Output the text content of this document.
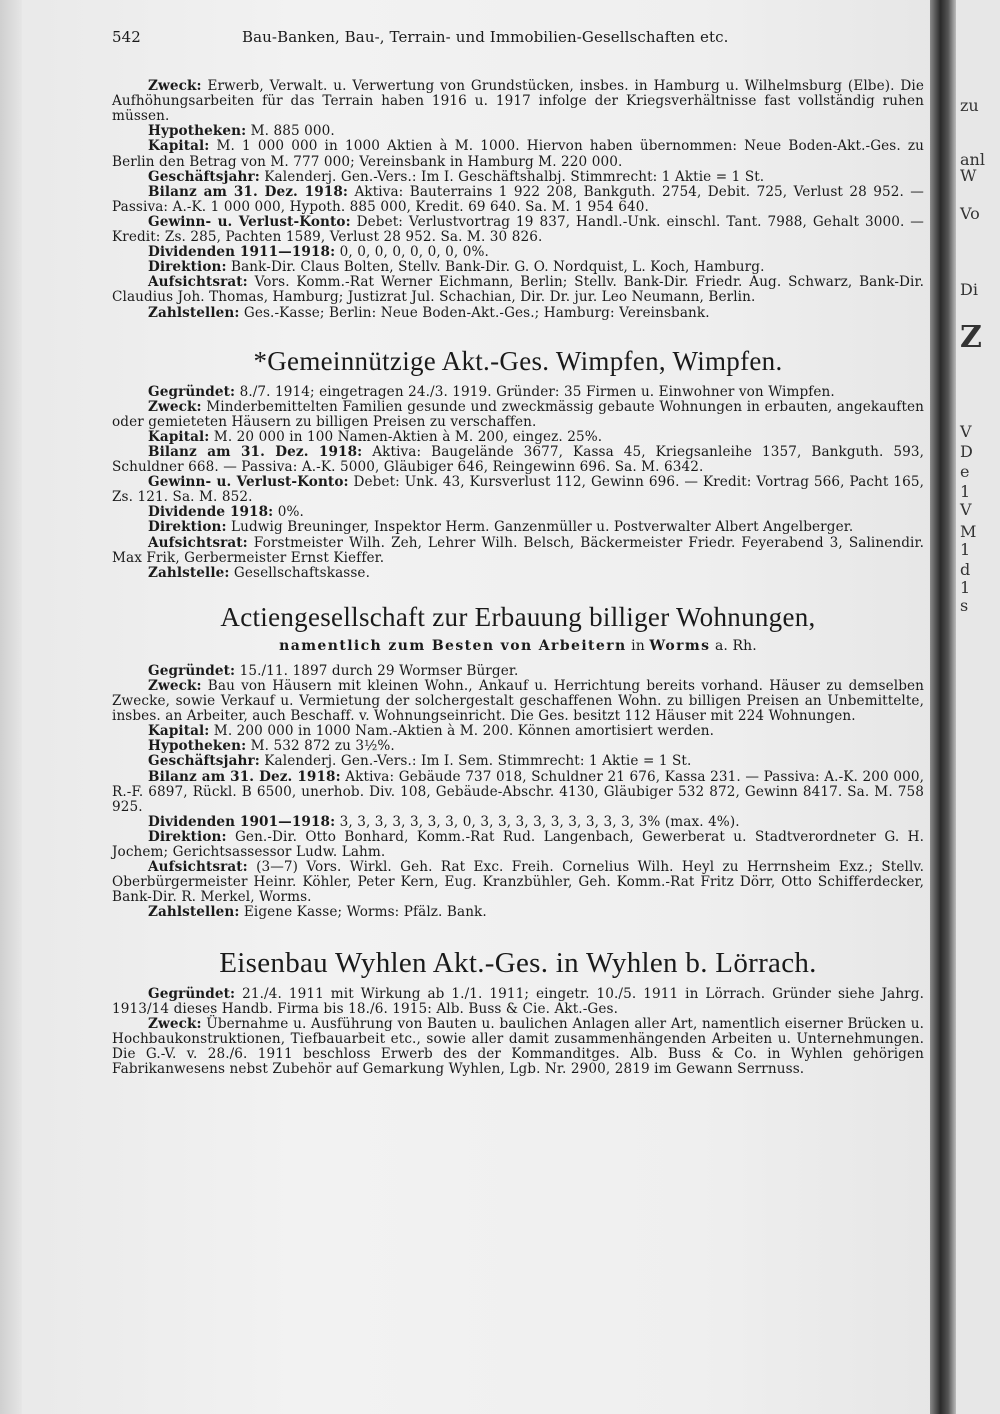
542	Bau-Banken, Bau-, Terrain- und Immobilien-Gesellschaften etc.

Zweck: Erwerb, Verwalt. u. Verwertung von Grundstücken, insbes. in Hamburg u. Wilhelmsburg (Elbe). Die Aufhöhungsarbeiten für das Terrain haben 1916 u. 1917 infolge der Kriegsverhältnisse fast vollständig ruhen müssen.

Hypotheken: M. 885 000.

Kapital: M. 1 000 000 in 1000 Aktien à M. 1000. Hiervon haben übernommen: Neue Boden-Akt.-Ges. zu Berlin den Betrag von M. 777 000; Vereinsbank in Hamburg M. 220 000.

Geschäftsjahr: Kalenderj. Gen.-Vers.: Im I. Geschäftshalbj. Stimmrecht: 1 Aktie = 1 St.

Bilanz am 31. Dez. 1918: Aktiva: Bauterrains 1 922 208, Bankguth. 2754, Debit. 725, Verlust 28 952. — Passiva: A.-K. 1 000 000, Hypoth. 885 000, Kredit. 69 640. Sa. M. 1 954 640.

Gewinn- u. Verlust-Konto: Debet: Verlustvortrag 19 837, Handl.-Unk. einschl. Tant. 7988, Gehalt 3000. — Kredit: Zs. 285, Pachten 1589, Verlust 28 952. Sa. M. 30 826.

Dividenden 1911—1918: 0, 0, 0, 0, 0, 0, 0, 0%.

Direktion: Bank-Dir. Claus Bolten, Stellv. Bank-Dir. G. O. Nordquist, L. Koch, Hamburg.

Aufsichtsrat: Vors. Komm.-Rat Werner Eichmann, Berlin; Stellv. Bank-Dir. Friedr. Aug. Schwarz, Bank-Dir. Claudius Joh. Thomas, Hamburg; Justizrat Jul. Schachian, Dir. Dr. jur. Leo Neumann, Berlin.

Zahlstellen: Ges.-Kasse; Berlin: Neue Boden-Akt.-Ges.; Hamburg: Vereinsbank.

*Gemeinnützige Akt.-Ges. Wimpfen, Wimpfen.

Gegründet: 8./7. 1914; eingetragen 24./3. 1919. Gründer: 35 Firmen u. Einwohner von Wimpfen.

Zweck: Minderbemittelten Familien gesunde und zweckmässig gebaute Wohnungen in erbauten, angekauften oder gemieteten Häusern zu billigen Preisen zu verschaffen.

Kapital: M. 20 000 in 100 Namen-Aktien à M. 200, eingez. 25%.

Bilanz am 31. Dez. 1918: Aktiva: Baugelände 3677, Kassa 45, Kriegsanleihe 1357, Bankguth. 593, Schuldner 668. — Passiva: A.-K. 5000, Gläubiger 646, Reingewinn 696. Sa. M. 6342.

Gewinn- u. Verlust-Konto: Debet: Unk. 43, Kursverlust 112, Gewinn 696. — Kredit: Vortrag 566, Pacht 165, Zs. 121. Sa. M. 852.

Dividende 1918: 0%.

Direktion: Ludwig Breuninger, Inspektor Herm. Ganzenmüller u. Postverwalter Albert Angelberger.

Aufsichtsrat: Forstmeister Wilh. Zeh, Lehrer Wilh. Belsch, Bäckermeister Friedr. Feyerabend 3, Salinendir. Max Frik, Gerbermeister Ernst Kieffer.

Zahlstelle: Gesellschaftskasse.

Actiengesellschaft zur Erbauung billiger Wohnungen,
namentlich zum Besten von Arbeitern in Worms a. Rh.

Gegründet: 15./11. 1897 durch 29 Wormser Bürger.

Zweck: Bau von Häusern mit kleinen Wohn., Ankauf u. Herrichtung bereits vorhand. Häuser zu demselben Zwecke, sowie Verkauf u. Vermietung der solchergestalt geschaffenen Wohn. zu billigen Preisen an Unbemittelte, insbes. an Arbeiter, auch Beschaff. v. Wohnungseinricht. Die Ges. besitzt 112 Häuser mit 224 Wohnungen.

Kapital: M. 200 000 in 1000 Nam.-Aktien à M. 200. Können amortisiert werden.

Hypotheken: M. 532 872 zu 3½%.

Geschäftsjahr: Kalenderj. Gen.-Vers.: Im I. Sem. Stimmrecht: 1 Aktie = 1 St.

Bilanz am 31. Dez. 1918: Aktiva: Gebäude 737 018, Schuldner 21 676, Kassa 231. — Passiva: A.-K. 200 000, R.-F. 6897, Rückl. B 6500, unerhob. Div. 108, Gebäude-Abschr. 4130, Gläubiger 532 872, Gewinn 8417. Sa. M. 758 925.

Dividenden 1901—1918: 3, 3, 3, 3, 3, 3, 3, 0, 3, 3, 3, 3, 3, 3, 3, 3, 3, 3% (max. 4%).

Direktion: Gen.-Dir. Otto Bonhard, Komm.-Rat Rud. Langenbach, Gewerberat u. Stadtverordneter G. H. Jochem; Gerichtsassessor Ludw. Lahm.

Aufsichtsrat: (3—7) Vors. Wirkl. Geh. Rat Exc. Freih. Cornelius Wilh. Heyl zu Herrnsheim Exz.; Stellv. Oberbürgermeister Heinr. Köhler, Peter Kern, Eug. Kranzbühler, Geh. Komm.-Rat Fritz Dörr, Otto Schifferdecker, Bank-Dir. R. Merkel, Worms.

Zahlstellen: Eigene Kasse; Worms: Pfälz. Bank.

Eisenbau Wyhlen Akt.-Ges. in Wyhlen b. Lörrach.

Gegründet: 21./4. 1911 mit Wirkung ab 1./1. 1911; eingetr. 10./5. 1911 in Lörrach. Gründer siehe Jahrg. 1913/14 dieses Handb. Firma bis 18./6. 1915: Alb. Buss & Cie. Akt.-Ges.

Zweck: Übernahme u. Ausführung von Bauten u. baulichen Anlagen aller Art, namentlich eiserner Brücken u. Hochbaukonstruktionen, Tiefbauarbeit etc., sowie aller damit zusammenhängenden Arbeiten u. Unternehmungen. Die G.-V. v. 28./6. 1911 beschloss Erwerb des der Kommanditges. Alb. Buss & Co. in Wyhlen gehörigen Fabrikanwesens nebst Zubehör auf Gemarkung Wyhlen, Lgb. Nr. 2900, 2819 im Gewann Serrnuss.

zu
anl
W
Vo
Di
Z
V
D
e
1
V
M
1
d
1
s
